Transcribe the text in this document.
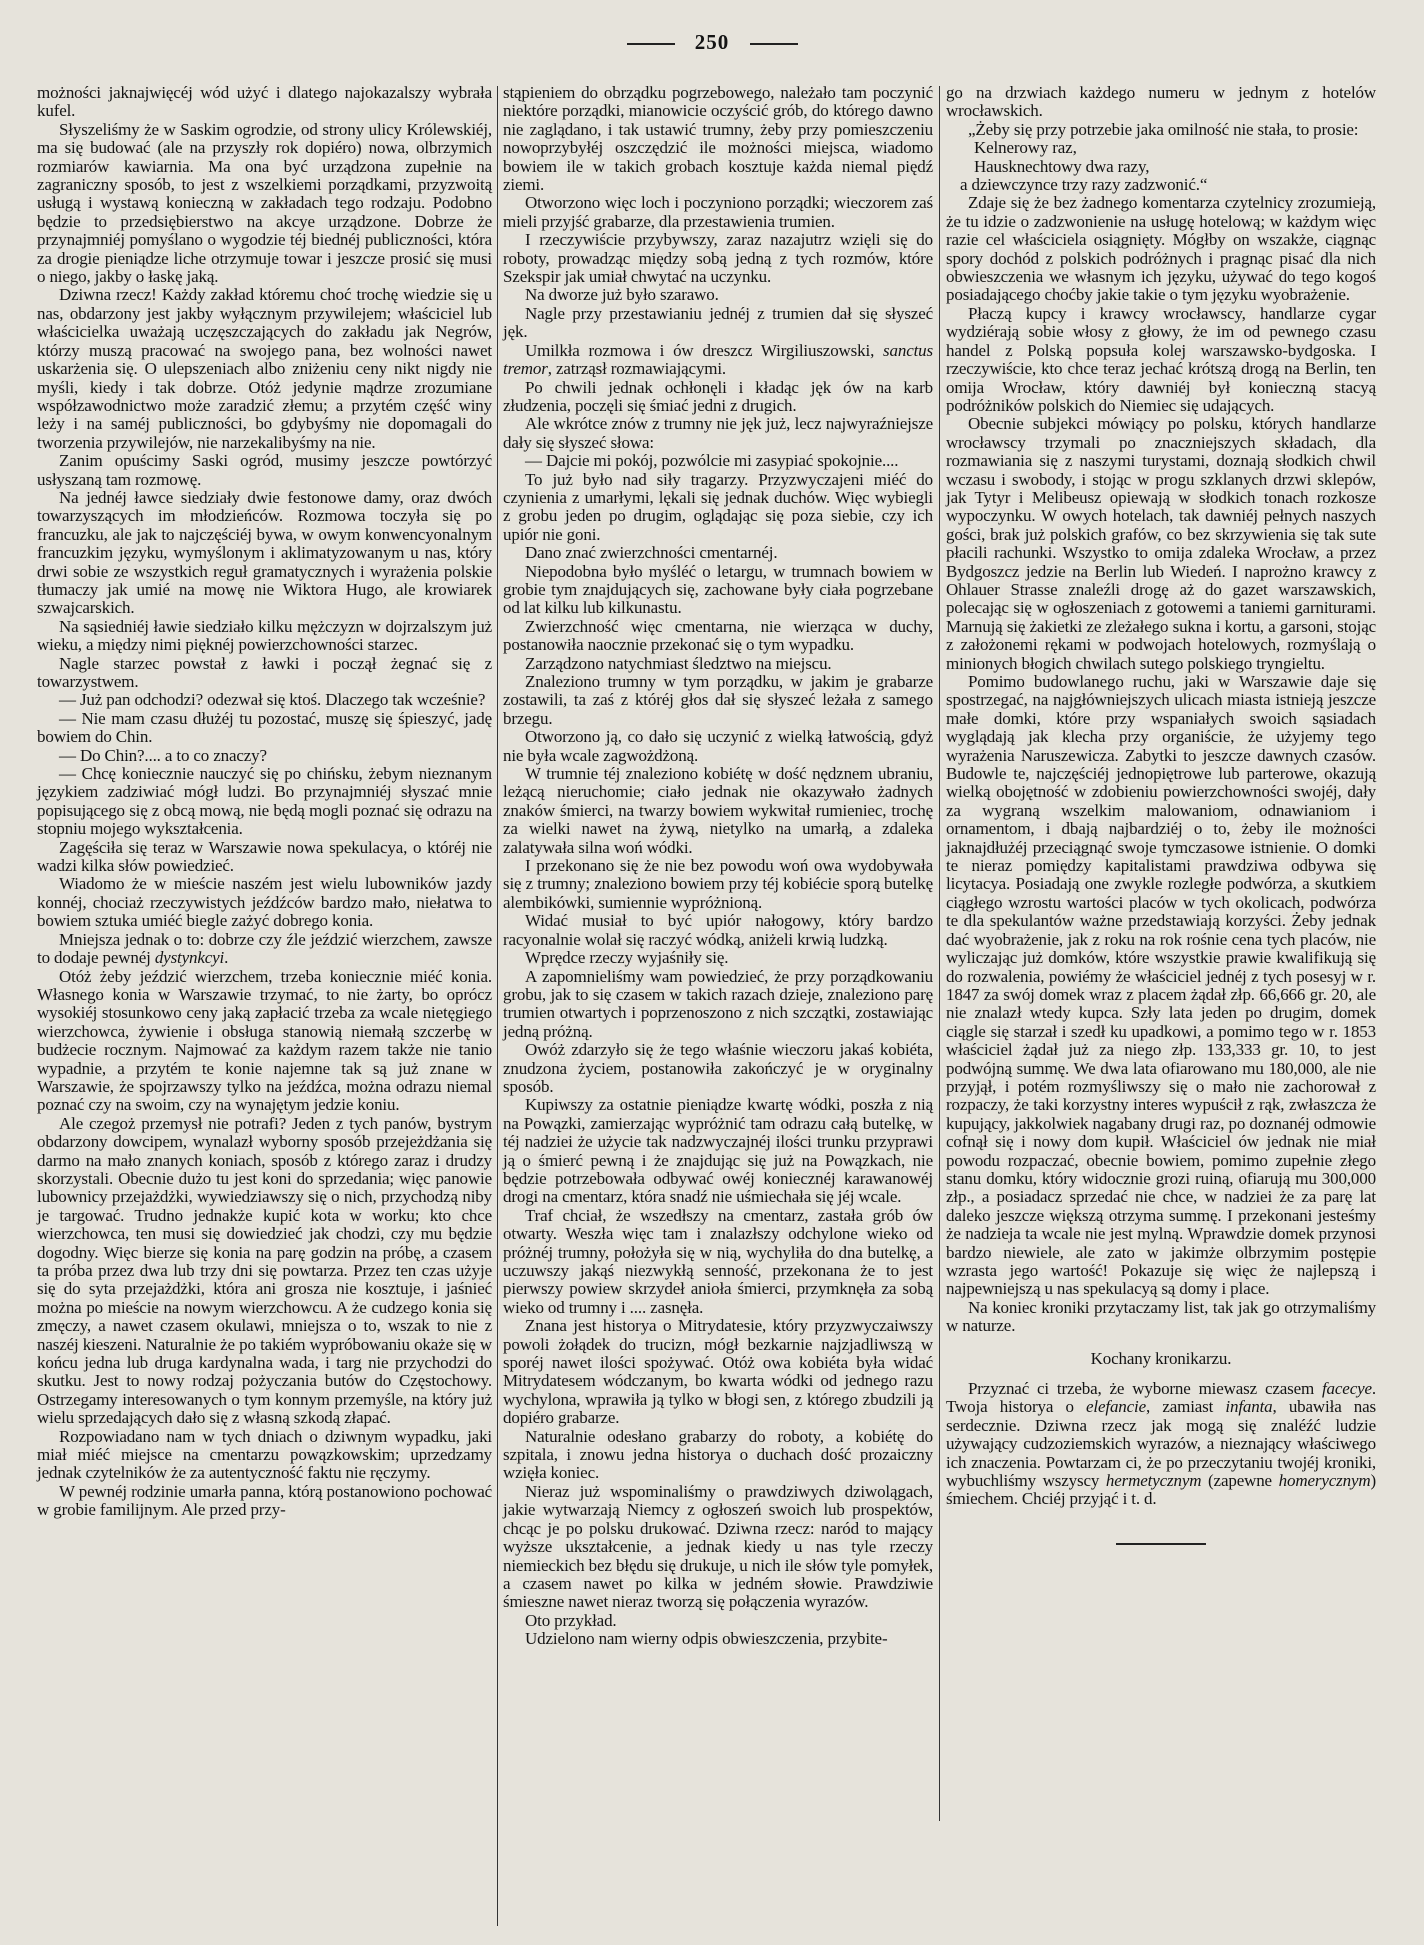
250

możności jaknajwięcéj wód użyć i dlatego najokazalszy wybrała kufel.

Słyszeliśmy że w Saskim ogrodzie, od strony ulicy Królewskiéj, ma się budować (ale na przyszły rok dopiéro) nowa, olbrzymich rozmiarów kawiarnia. Ma ona być urządzona zupełnie na zagraniczny sposób, to jest z wszelkiemi porządkami, przyzwoitą usługą i wystawą konieczną w zakładach tego rodzaju. Podobno będzie to przedsiębierstwo na akcye urządzone. Dobrze że przynajmniéj pomyślano o wygodzie téj biednéj publiczności, która za drogie pieniądze liche otrzymuje towar i jeszcze prosić się musi o niego, jakby o łaskę jaką.

Dziwna rzecz! Każdy zakład któremu choć trochę wiedzie się u nas, obdarzony jest jakby wyłącznym przywilejem; właściciel lub właścicielka uważają uczęszczających do zakładu jak Negrów, którzy muszą pracować na swojego pana, bez wolności nawet uskarżenia się. O ulepszeniach albo zniżeniu ceny nikt nigdy nie myśli, kiedy i tak dobrze. Otóż jedynie mądrze zrozumiane współzawodnictwo może zaradzić złemu; a przytém część winy leży i na saméj publiczności, bo gdybyśmy nie dopomagali do tworzenia przywilejów, nie narzekalibyśmy na nie.

Zanim opuścimy Saski ogród, musimy jeszcze powtórzyć usłyszaną tam rozmowę.

Na jednéj ławce siedziały dwie festonowe damy, oraz dwóch towarzyszących im młodzieńców. Rozmowa toczyła się po francuzku, ale jak to najczęściéj bywa, w owym konwencyonalnym francuzkim języku, wymyślonym i aklimatyzowanym u nas, który drwi sobie ze wszystkich reguł gramatycznych i wyrażenia polskie tłumaczy jak umié na mowę nie Wiktora Hugo, ale krowiarek szwajcarskich.

Na sąsiedniéj ławie siedziało kilku mężczyzn w dojrzalszym już wieku, a między nimi pięknéj powierzchowności starzec.

Nagle starzec powstał z ławki i począł żegnać się z towarzystwem.

— Już pan odchodzi? odezwał się ktoś. Dlaczego tak wcześnie?

— Nie mam czasu dłużéj tu pozostać, muszę się śpieszyć, jadę bowiem do Chin.

— Do Chin?.... a to co znaczy?

— Chcę koniecznie nauczyć się po chińsku, żebym nieznanym językiem zadziwiać mógł ludzi. Bo przynajmniéj słyszać mnie popisującego się z obcą mową, nie będą mogli poznać się odrazu na stopniu mojego wykształcenia.

Zagęściła się teraz w Warszawie nowa spekulacya, o któréj nie wadzi kilka słów powiedzieć.

Wiadomo że w mieście naszém jest wielu lubowników jazdy konnéj, chociaż rzeczywistych jeźdźców bardzo mało, niełatwa to bowiem sztuka umiéć biegle zażyć dobrego konia.

Mniejsza jednak o to: dobrze czy źle jeździć wierzchem, zawsze to dodaje pewnéj dystynkcyi.

Otóż żeby jeździć wierzchem, trzeba koniecznie miéć konia. Własnego konia w Warszawie trzymać, to nie żarty, bo oprócz wysokiéj stosunkowo ceny jaką zapłacić trzeba za wcale nietęgiego wierzchowca, żywienie i obsługa stanowią niemałą szczerbę w budżecie rocznym. Najmować za każdym razem także nie tanio wypadnie, a przytém te konie najemne tak są już znane w Warszawie, że spojrzawszy tylko na jeźdźca, można odrazu niemal poznać czy na swoim, czy na wynajętym jedzie koniu.

Ale czegoż przemysł nie potrafi? Jeden z tych panów, bystrym obdarzony dowcipem, wynalazł wyborny sposób przejeżdżania się darmo na mało znanych koniach, sposób z którego zaraz i drudzy skorzystali. Obecnie dużo tu jest koni do sprzedania; więc panowie lubownicy przejażdżki, wywiedziawszy się o nich, przychodzą niby je targować. Trudno jednakże kupić kota w worku; kto chce wierzchowca, ten musi się dowiedzieć jak chodzi, czy mu będzie dogodny. Więc bierze się konia na parę godzin na próbę, a czasem ta próba przez dwa lub trzy dni się powtarza. Przez ten czas użyje się do syta przejażdżki, która ani grosza nie kosztuje, i jaśnieć można po mieście na nowym wierzchowcu. A że cudzego konia się zmęczy, a nawet czasem okulawi, mniejsza o to, wszak to nie z naszéj kieszeni. Naturalnie że po takiém wypróbowaniu okaże się w końcu jedna lub druga kardynalna wada, i targ nie przychodzi do skutku. Jest to nowy rodzaj pożyczania butów do Częstochowy. Ostrzegamy interesowanych o tym konnym przemyśle, na który już wielu sprzedających dało się z własną szkodą złapać.

Rozpowiadano nam w tych dniach o dziwnym wypadku, jaki miał miéć miejsce na cmentarzu powązkowskim; uprzedzamy jednak czytelników że za autentyczność faktu nie ręczymy.

W pewnéj rodzinie umarła panna, którą postanowiono pochować w grobie familijnym. Ale przed przy-

stąpieniem do obrządku pogrzebowego, należało tam poczynić niektóre porządki, mianowicie oczyścić grób, do którego dawno nie zaglądano, i tak ustawić trumny, żeby przy pomieszczeniu nowoprzybyłéj oszczędzić ile możności miejsca, wiadomo bowiem ile w takich grobach kosztuje każda niemal piędź ziemi.

Otworzono więc loch i poczyniono porządki; wieczorem zaś mieli przyjść grabarze, dla przestawienia trumien.

I rzeczywiście przybywszy, zaraz nazajutrz wzięli się do roboty, prowadząc między sobą jedną z tych rozmów, które Szekspir jak umiał chwytać na uczynku.

Na dworze już było szarawo.

Nagle przy przestawianiu jednéj z trumien dał się słyszeć jęk.

Umilkła rozmowa i ów dreszcz Wirgiliuszowski, sanctus tremor, zatrząsł rozmawiającymi.

Po chwili jednak ochłonęli i kładąc jęk ów na karb złudzenia, poczęli się śmiać jedni z drugich.

Ale wkrótce znów z trumny nie jęk już, lecz najwyraźniejsze dały się słyszeć słowa:

— Dajcie mi pokój, pozwólcie mi zasypiać spokojnie....

To już było nad siły tragarzy. Przyzwyczajeni miéć do czynienia z umarłymi, lękali się jednak duchów. Więc wybiegli z grobu jeden po drugim, oglądając się poza siebie, czy ich upiór nie goni.

Dano znać zwierzchności cmentarnéj.

Niepodobna było myśléć o letargu, w trumnach bowiem w grobie tym znajdujących się, zachowane były ciała pogrzebane od lat kilku lub kilkunastu.

Zwierzchność więc cmentarna, nie wierząca w duchy, postanowiła naocznie przekonać się o tym wypadku.

Zarządzono natychmiast śledztwo na miejscu.

Znaleziono trumny w tym porządku, w jakim je grabarze zostawili, ta zaś z któréj głos dał się słyszeć leżała z samego brzegu.

Otworzono ją, co dało się uczynić z wielką łatwością, gdyż nie była wcale zagwożdżoną.

W trumnie téj znaleziono kobiétę w dość nędznem ubraniu, leżącą nieruchomie; ciało jednak nie okazywało żadnych znaków śmierci, na twarzy bowiem wykwitał rumieniec, trochę za wielki nawet na żywą, nietylko na umarłą, a zdaleka zalatywała silna woń wódki.

I przekonano się że nie bez powodu woń owa wydobywała się z trumny; znaleziono bowiem przy téj kobiécie sporą butelkę alembikówki, sumiennie wypróżnioną.

Widać musiał to być upiór nałogowy, który bardzo racyonalnie wolał się raczyć wódką, aniżeli krwią ludzką.

Wprędce rzeczy wyjaśniły się.

A zapomnieliśmy wam powiedzieć, że przy porządkowaniu grobu, jak to się czasem w takich razach dzieje, znaleziono parę trumien otwartych i poprzenoszono z nich szczątki, zostawiając jedną próżną.

Owóż zdarzyło się że tego właśnie wieczoru jakaś kobiéta, znudzona życiem, postanowiła zakończyć je w oryginalny sposób.

Kupiwszy za ostatnie pieniądze kwartę wódki, poszła z nią na Powązki, zamierzając wypróżnić tam odrazu całą butelkę, w téj nadziei że użycie tak nadzwyczajnéj ilości trunku przyprawi ją o śmierć pewną i że znajdując się już na Powązkach, nie będzie potrzebowała odbywać owéj koniecznéj karawanowéj drogi na cmentarz, która snadź nie uśmiechała się jéj wcale.

Traf chciał, że wszedłszy na cmentarz, zastała grób ów otwarty. Weszła więc tam i znalazłszy odchylone wieko od próżnéj trumny, położyła się w nią, wychyliła do dna butelkę, a uczuwszy jakąś niezwykłą senność, przekonana że to jest pierwszy powiew skrzydeł anioła śmierci, przymknęła za sobą wieko od trumny i .... zasnęła.

Znana jest historya o Mitrydatesie, który przyzwyczaiwszy powoli żołądek do trucizn, mógł bezkarnie najzjadliwszą w sporéj nawet ilości spożywać. Otóż owa kobiéta była widać Mitrydatesem wódczanym, bo kwarta wódki od jednego razu wychylona, wprawiła ją tylko w błogi sen, z którego zbudzili ją dopiéro grabarze.

Naturalnie odesłano grabarzy do roboty, a kobiétę do szpitala, i znowu jedna historya o duchach dość prozaiczny wzięła koniec.

Nieraz już wspominaliśmy o prawdziwych dziwolągach, jakie wytwarzają Niemcy z ogłoszeń swoich lub prospektów, chcąc je po polsku drukować. Dziwna rzecz: naród to mający wyższe ukształcenie, a jednak kiedy u nas tyle rzeczy niemieckich bez błędu się drukuje, u nich ile słów tyle pomyłek, a czasem nawet po kilka w jedném słowie. Prawdziwie śmieszne nawet nieraz tworzą się połączenia wyrazów.

Oto przykład.

Udzielono nam wierny odpis obwieszczenia, przybite-

go na drzwiach każdego numeru w jednym z hotelów wrocławskich.

„Żeby się przy potrzebie jaka omilność nie stała, to prosie:

Kelnerowy raz,

Hausknechtowy dwa razy,

a dziewczynce trzy razy zadzwonić.“

Zdaje się że bez żadnego komentarza czytelnicy zrozumieją, że tu idzie o zadzwonienie na usługę hotelową; w każdym więc razie cel właściciela osiągnięty. Mógłby on wszakże, ciągnąc spory dochód z polskich podróżnych i pragnąc pisać dla nich obwieszczenia we własnym ich języku, używać do tego kogoś posiadającego choćby jakie takie o tym języku wyobrażenie.

Płaczą kupcy i krawcy wrocławscy, handlarze cygar wydziérają sobie włosy z głowy, że im od pewnego czasu handel z Polską popsuła kolej warszawsko-bydgoska. I rzeczywiście, kto chce teraz jechać krótszą drogą na Berlin, ten omija Wrocław, który dawniéj był konieczną stacyą podróżników polskich do Niemiec się udających.

Obecnie subjekci mówiący po polsku, których handlarze wrocławscy trzymali po znaczniejszych składach, dla rozmawiania się z naszymi turystami, doznają słodkich chwil wczasu i swobody, i stojąc w progu szklanych drzwi sklepów, jak Tytyr i Melibeusz opiewają w słodkich tonach rozkosze wypoczynku. W owych hotelach, tak dawniéj pełnych naszych gości, brak już polskich grafów, co bez skrzywienia się tak sute płacili rachunki. Wszystko to omija zdaleka Wrocław, a przez Bydgoszcz jedzie na Berlin lub Wiedeń. I naprożno krawcy z Ohlauer Strasse znaleźli drogę aż do gazet warszawskich, polecając się w ogłoszeniach z gotowemi a taniemi garniturami. Marnują się żakietki ze zleżałego sukna i kortu, a garsoni, stojąc z założonemi rękami w podwojach hotelowych, rozmyślają o minionych błogich chwilach sutego polskiego tryngieltu.

Pomimo budowlanego ruchu, jaki w Warszawie daje się spostrzegać, na najgłówniejszych ulicach miasta istnieją jeszcze małe domki, które przy wspaniałych swoich sąsiadach wyglądają jak klecha przy organiście, że użyjemy tego wyrażenia Naruszewicza. Zabytki to jeszcze dawnych czasów. Budowle te, najczęściéj jednopiętrowe lub parterowe, okazują wielką obojętność w zdobieniu powierzchowności swojéj, dały za wygraną wszelkim malowaniom, odnawianiom i ornamentom, i dbają najbardziéj o to, żeby ile możności jaknajdłużéj przeciągnąć swoje tymczasowe istnienie. O domki te nieraz pomiędzy kapitalistami prawdziwa odbywa się licytacya. Posiadają one zwykle rozległe podwórza, a skutkiem ciągłego wzrostu wartości placów w tych okolicach, podwórza te dla spekulantów ważne przedstawiają korzyści. Żeby jednak dać wyobrażenie, jak z roku na rok rośnie cena tych placów, nie wyliczając już domków, które wszystkie prawie kwalifikują się do rozwalenia, powiémy że właściciel jednéj z tych posesyj w r. 1847 za swój domek wraz z placem żądał złp. 66,666 gr. 20, ale nie znalazł wtedy kupca. Szły lata jeden po drugim, domek ciągle się starzał i szedł ku upadkowi, a pomimo tego w r. 1853 właściciel żądał już za niego złp. 133,333 gr. 10, to jest podwójną summę. We dwa lata ofiarowano mu 180,000, ale nie przyjął, i potém rozmyśliwszy się o mało nie zachorował z rozpaczy, że taki korzystny interes wypuścił z rąk, zwłaszcza że kupujący, jakkolwiek nagabany drugi raz, po doznanéj odmowie cofnął się i nowy dom kupił. Właściciel ów jednak nie miał powodu rozpaczać, obecnie bowiem, pomimo zupełnie złego stanu domku, który widocznie grozi ruiną, ofiarują mu 300,000 złp., a posiadacz sprzedać nie chce, w nadziei że za parę lat daleko jeszcze większą otrzyma summę. I przekonani jesteśmy że nadzieja ta wcale nie jest mylną. Wprawdzie domek przynosi bardzo niewiele, ale zato w jakimże olbrzymim postępie wzrasta jego wartość! Pokazuje się więc że najlepszą i najpewniejszą u nas spekulacyą są domy i place.

Na koniec kroniki przytaczamy list, tak jak go otrzymaliśmy w naturze.

Kochany kronikarzu.

Przyznać ci trzeba, że wyborne miewasz czasem facecye. Twoja historya o elefancie, zamiast infanta, ubawiła nas serdecznie. Dziwna rzecz jak mogą się znaléźć ludzie używający cudzoziemskich wyrazów, a nieznający właściwego ich znaczenia. Powtarzam ci, że po przeczytaniu twojéj kroniki, wybuchliśmy wszyscy hermetycznym (zapewne homerycznym) śmiechem. Chciéj przyjąć i t. d.
